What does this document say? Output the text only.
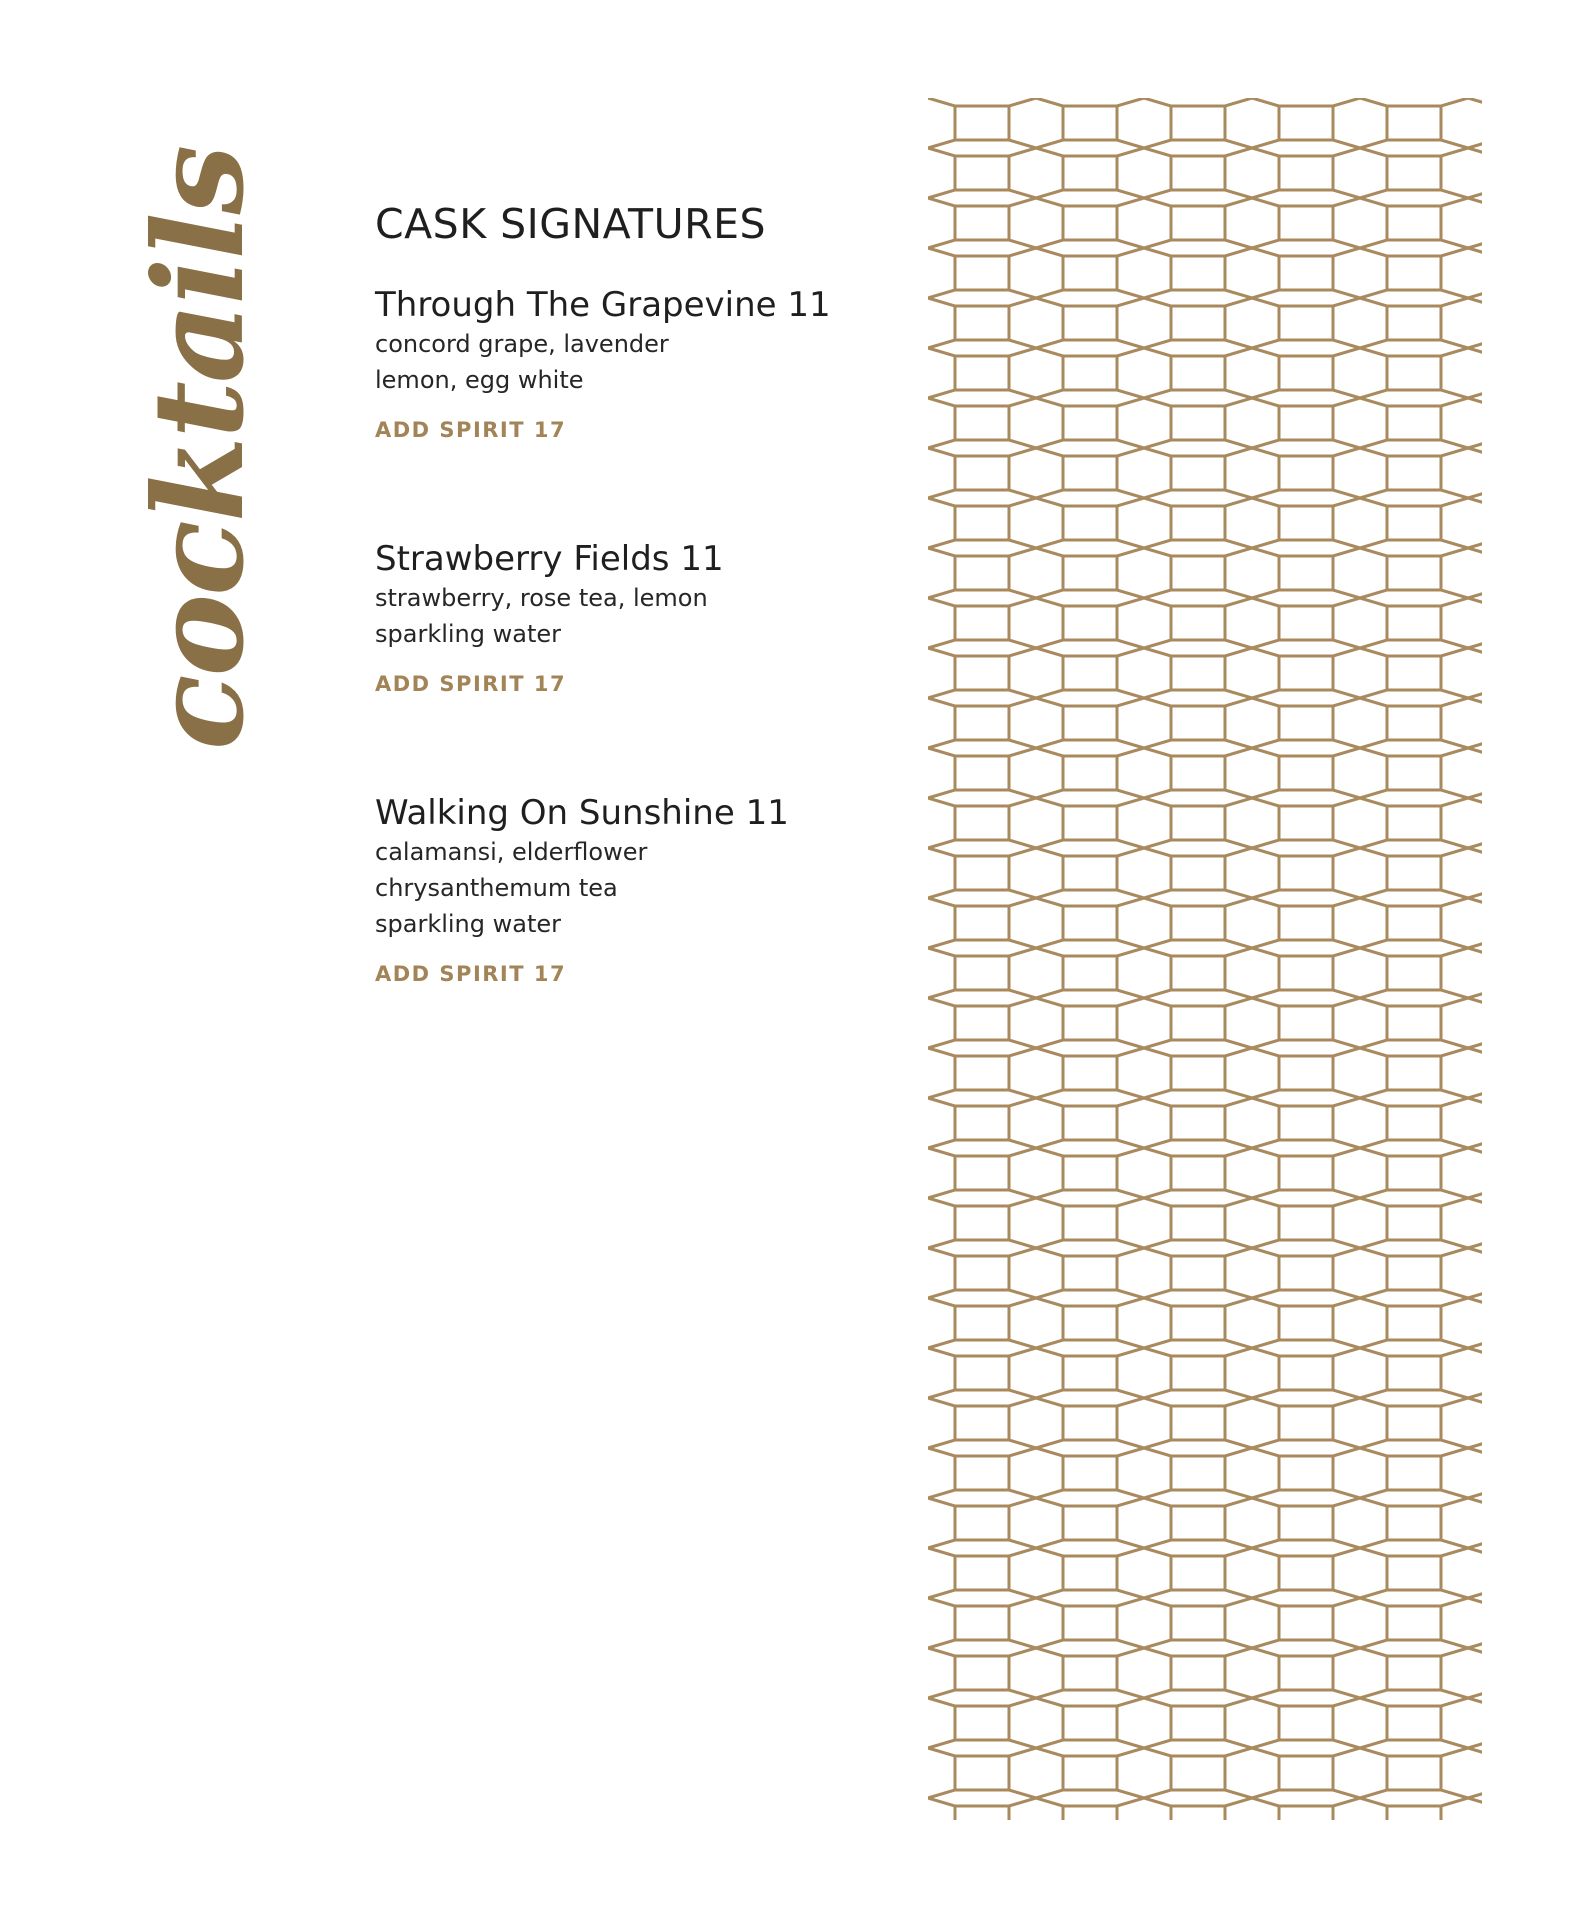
cocktails	CASK SIGNATURES
Through The Grapevine 11
concord grape, lavender
lemon, egg white
ADD SPIRIT 17
Strawberry Fields 11
strawberry, rose tea, lemon
sparkling water
ADD SPIRIT 17
Walking On Sunshine 11
calamansi, elderflower
chrysanthemum tea
sparkling water
ADD SPIRIT 17
